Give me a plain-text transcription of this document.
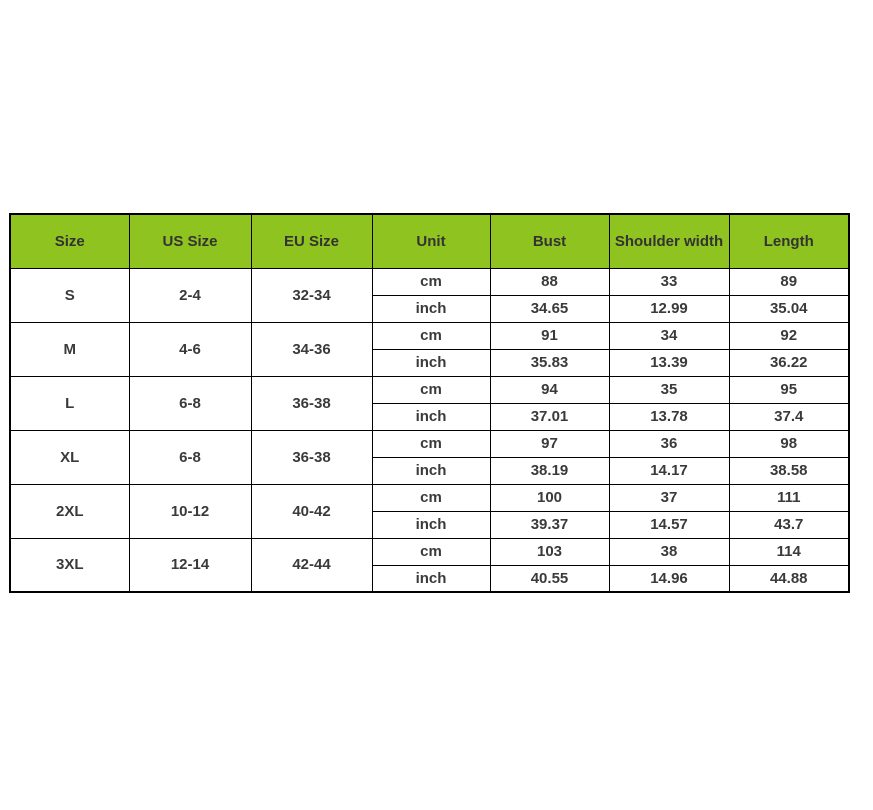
Size	US Size	EU Size	Unit	Bust	Shoulder width	Length
S	2-4	32-34	cm	88	33	89
			inch	34.65	12.99	35.04
M	4-6	34-36	cm	91	34	92
			inch	35.83	13.39	36.22
L	6-8	36-38	cm	94	35	95
			inch	37.01	13.78	37.4
XL	6-8	36-38	cm	97	36	98
			inch	38.19	14.17	38.58
2XL	10-12	40-42	cm	100	37	111
			inch	39.37	14.57	43.7
3XL	12-14	42-44	cm	103	38	114
			inch	40.55	14.96	44.88
